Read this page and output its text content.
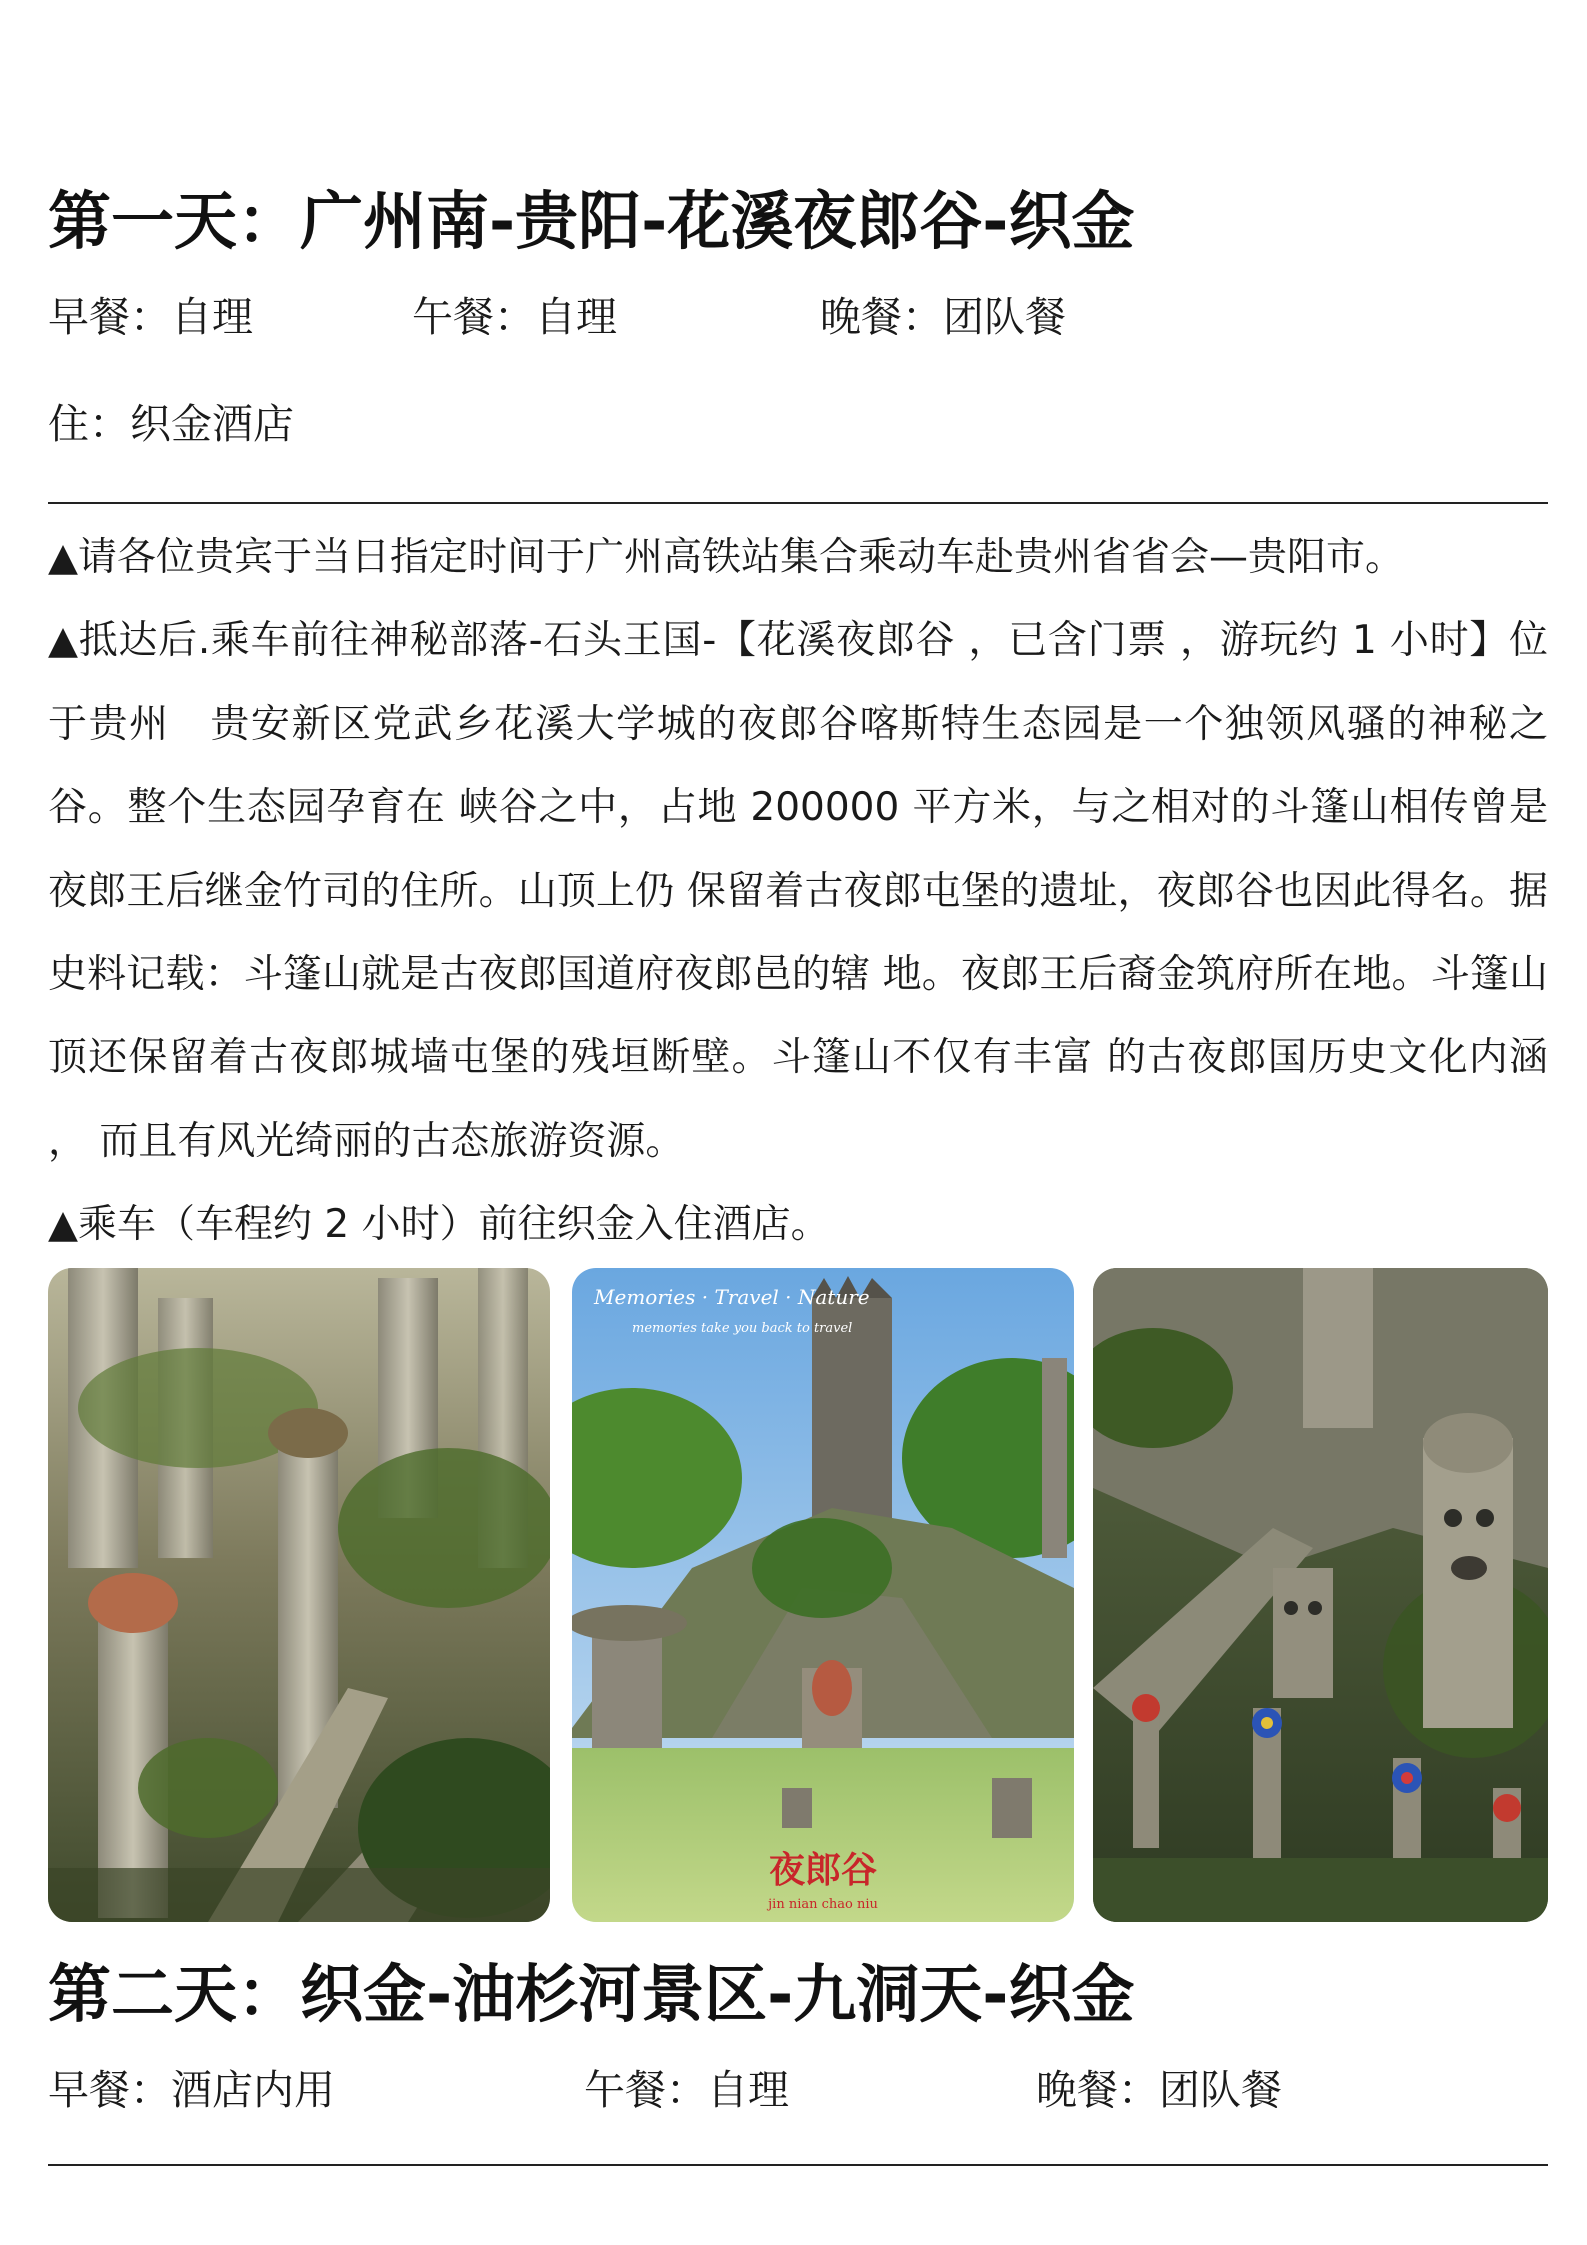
第一天：广州南-贵阳-花溪夜郎谷-织金
早餐：自理	午餐：自理	晚餐：团队餐
住：织金酒店

▲请各位贵宾于当日指定时间于广州高铁站集合乘动车赴贵州省省会—贵阳市。

▲抵达后.乘车前往神秘部落-石头王国-【花溪夜郎谷 ，已含门票 ，游玩约 1 小时】位于贵州　贵安新区党武乡花溪大学城的夜郎谷喀斯特生态园是一个独领风骚的神秘之谷。整个生态园孕育在 峡谷之中，占地 200000 平方米，与之相对的斗篷山相传曾是夜郎王后继金竹司的住所。山顶上仍 保留着古夜郎屯堡的遗址，夜郎谷也因此得名。据史料记载：斗篷山就是古夜郎国道府夜郎邑的辖 地。夜郎王后裔金筑府所在地。斗篷山顶还保留着古夜郎城墙屯堡的残垣断壁。斗篷山不仅有丰富 的古夜郎国历史文化内涵 ， 而且有风光绮丽的古态旅游资源。

▲乘车（车程约 2 小时）前往织金入住酒店。

Memories · Travel · Nature
memories take you back to travel
夜郎谷
jin nian chao niu
第二天：织金-油杉河景区-九洞天-织金
早餐：酒店内用	午餐：自理	晚餐：团队餐
